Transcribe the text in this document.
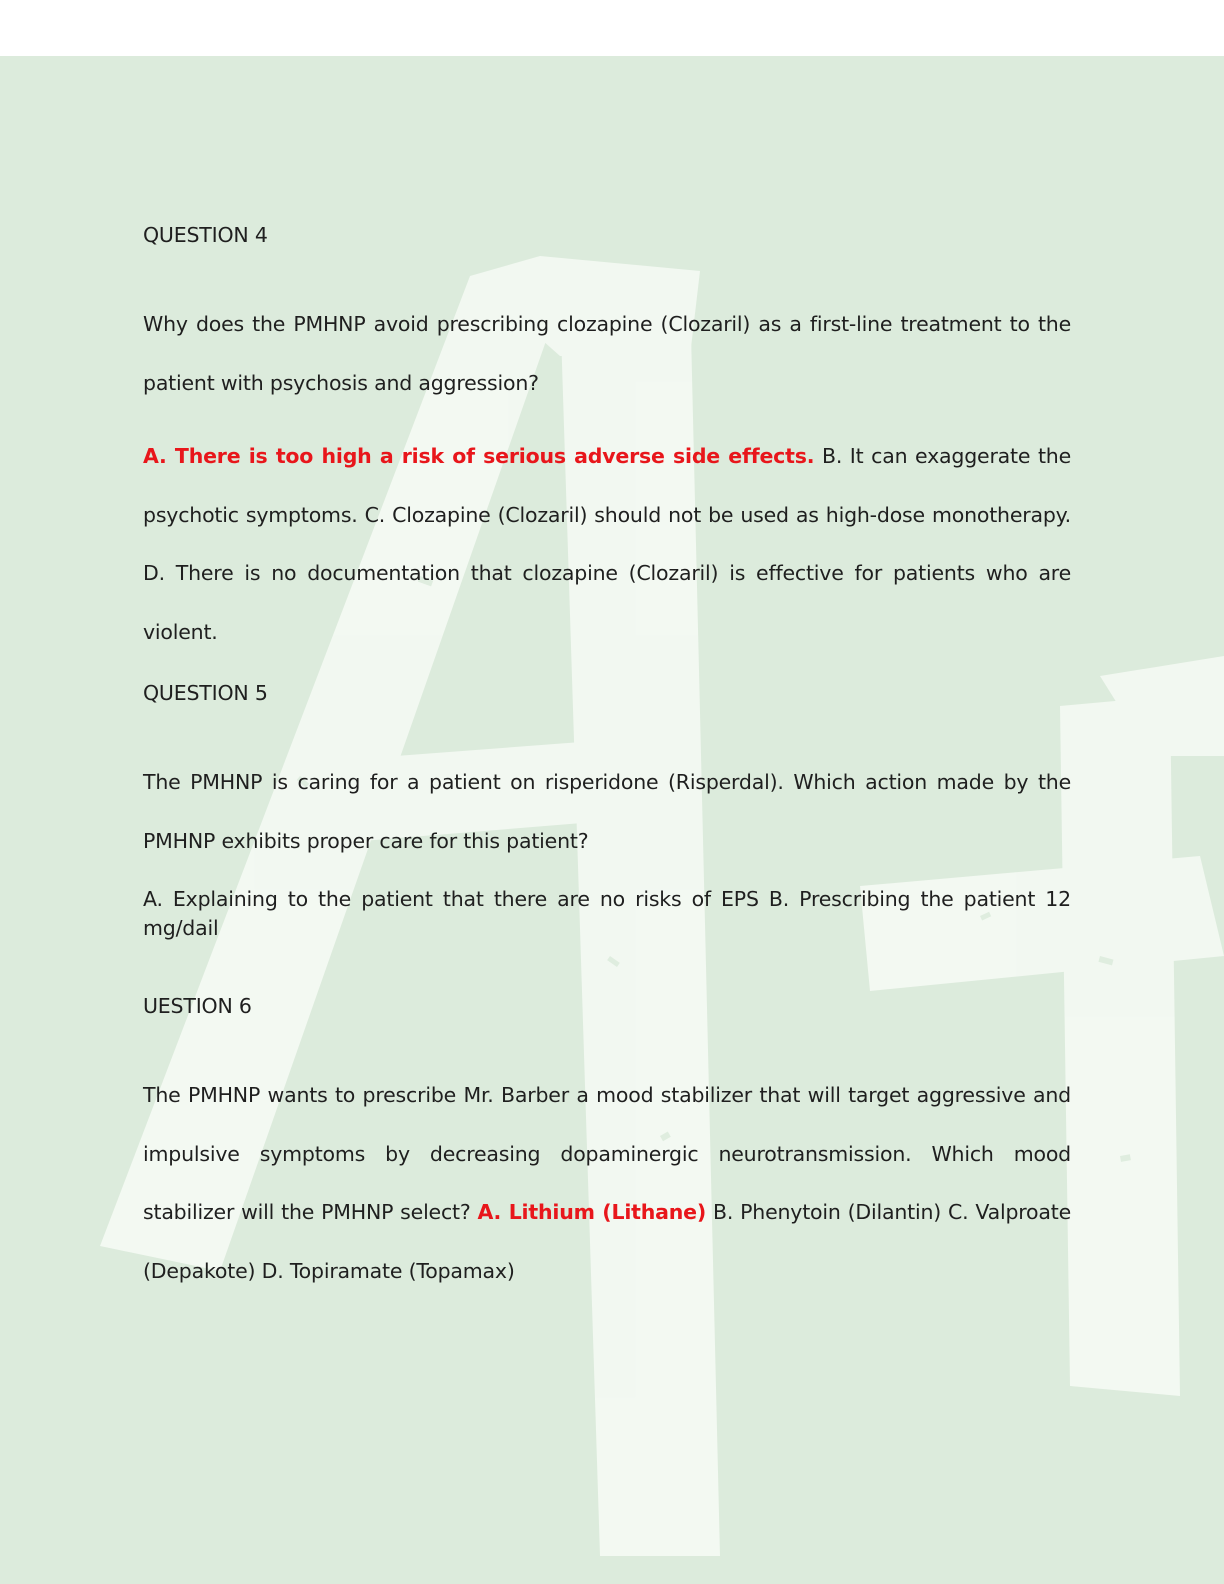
QUESTION 4

Why does the PMHNP avoid prescribing clozapine (Clozaril) as a first-line treatment to the patient with psychosis and aggression?

A. There is too high a risk of serious adverse side effects. B. It can exaggerate the psychotic symptoms. C. Clozapine (Clozaril) should not be used as high-dose monotherapy. D. There is no documentation that clozapine (Clozaril) is effective for patients who are violent.

QUESTION 5

The PMHNP is caring for a patient on risperidone (Risperdal). Which action made by the PMHNP exhibits proper care for this patient?

A. Explaining to the patient that there are no risks of EPS B. Prescribing the patient 12 mg/dail

UESTION 6

The PMHNP wants to prescribe Mr. Barber a mood stabilizer that will target aggressive and impulsive symptoms by decreasing dopaminergic neurotransmission. Which mood stabilizer will the PMHNP select? A. Lithium (Lithane) B. Phenytoin (Dilantin) C. Valproate (Depakote) D. Topiramate (Topamax)
